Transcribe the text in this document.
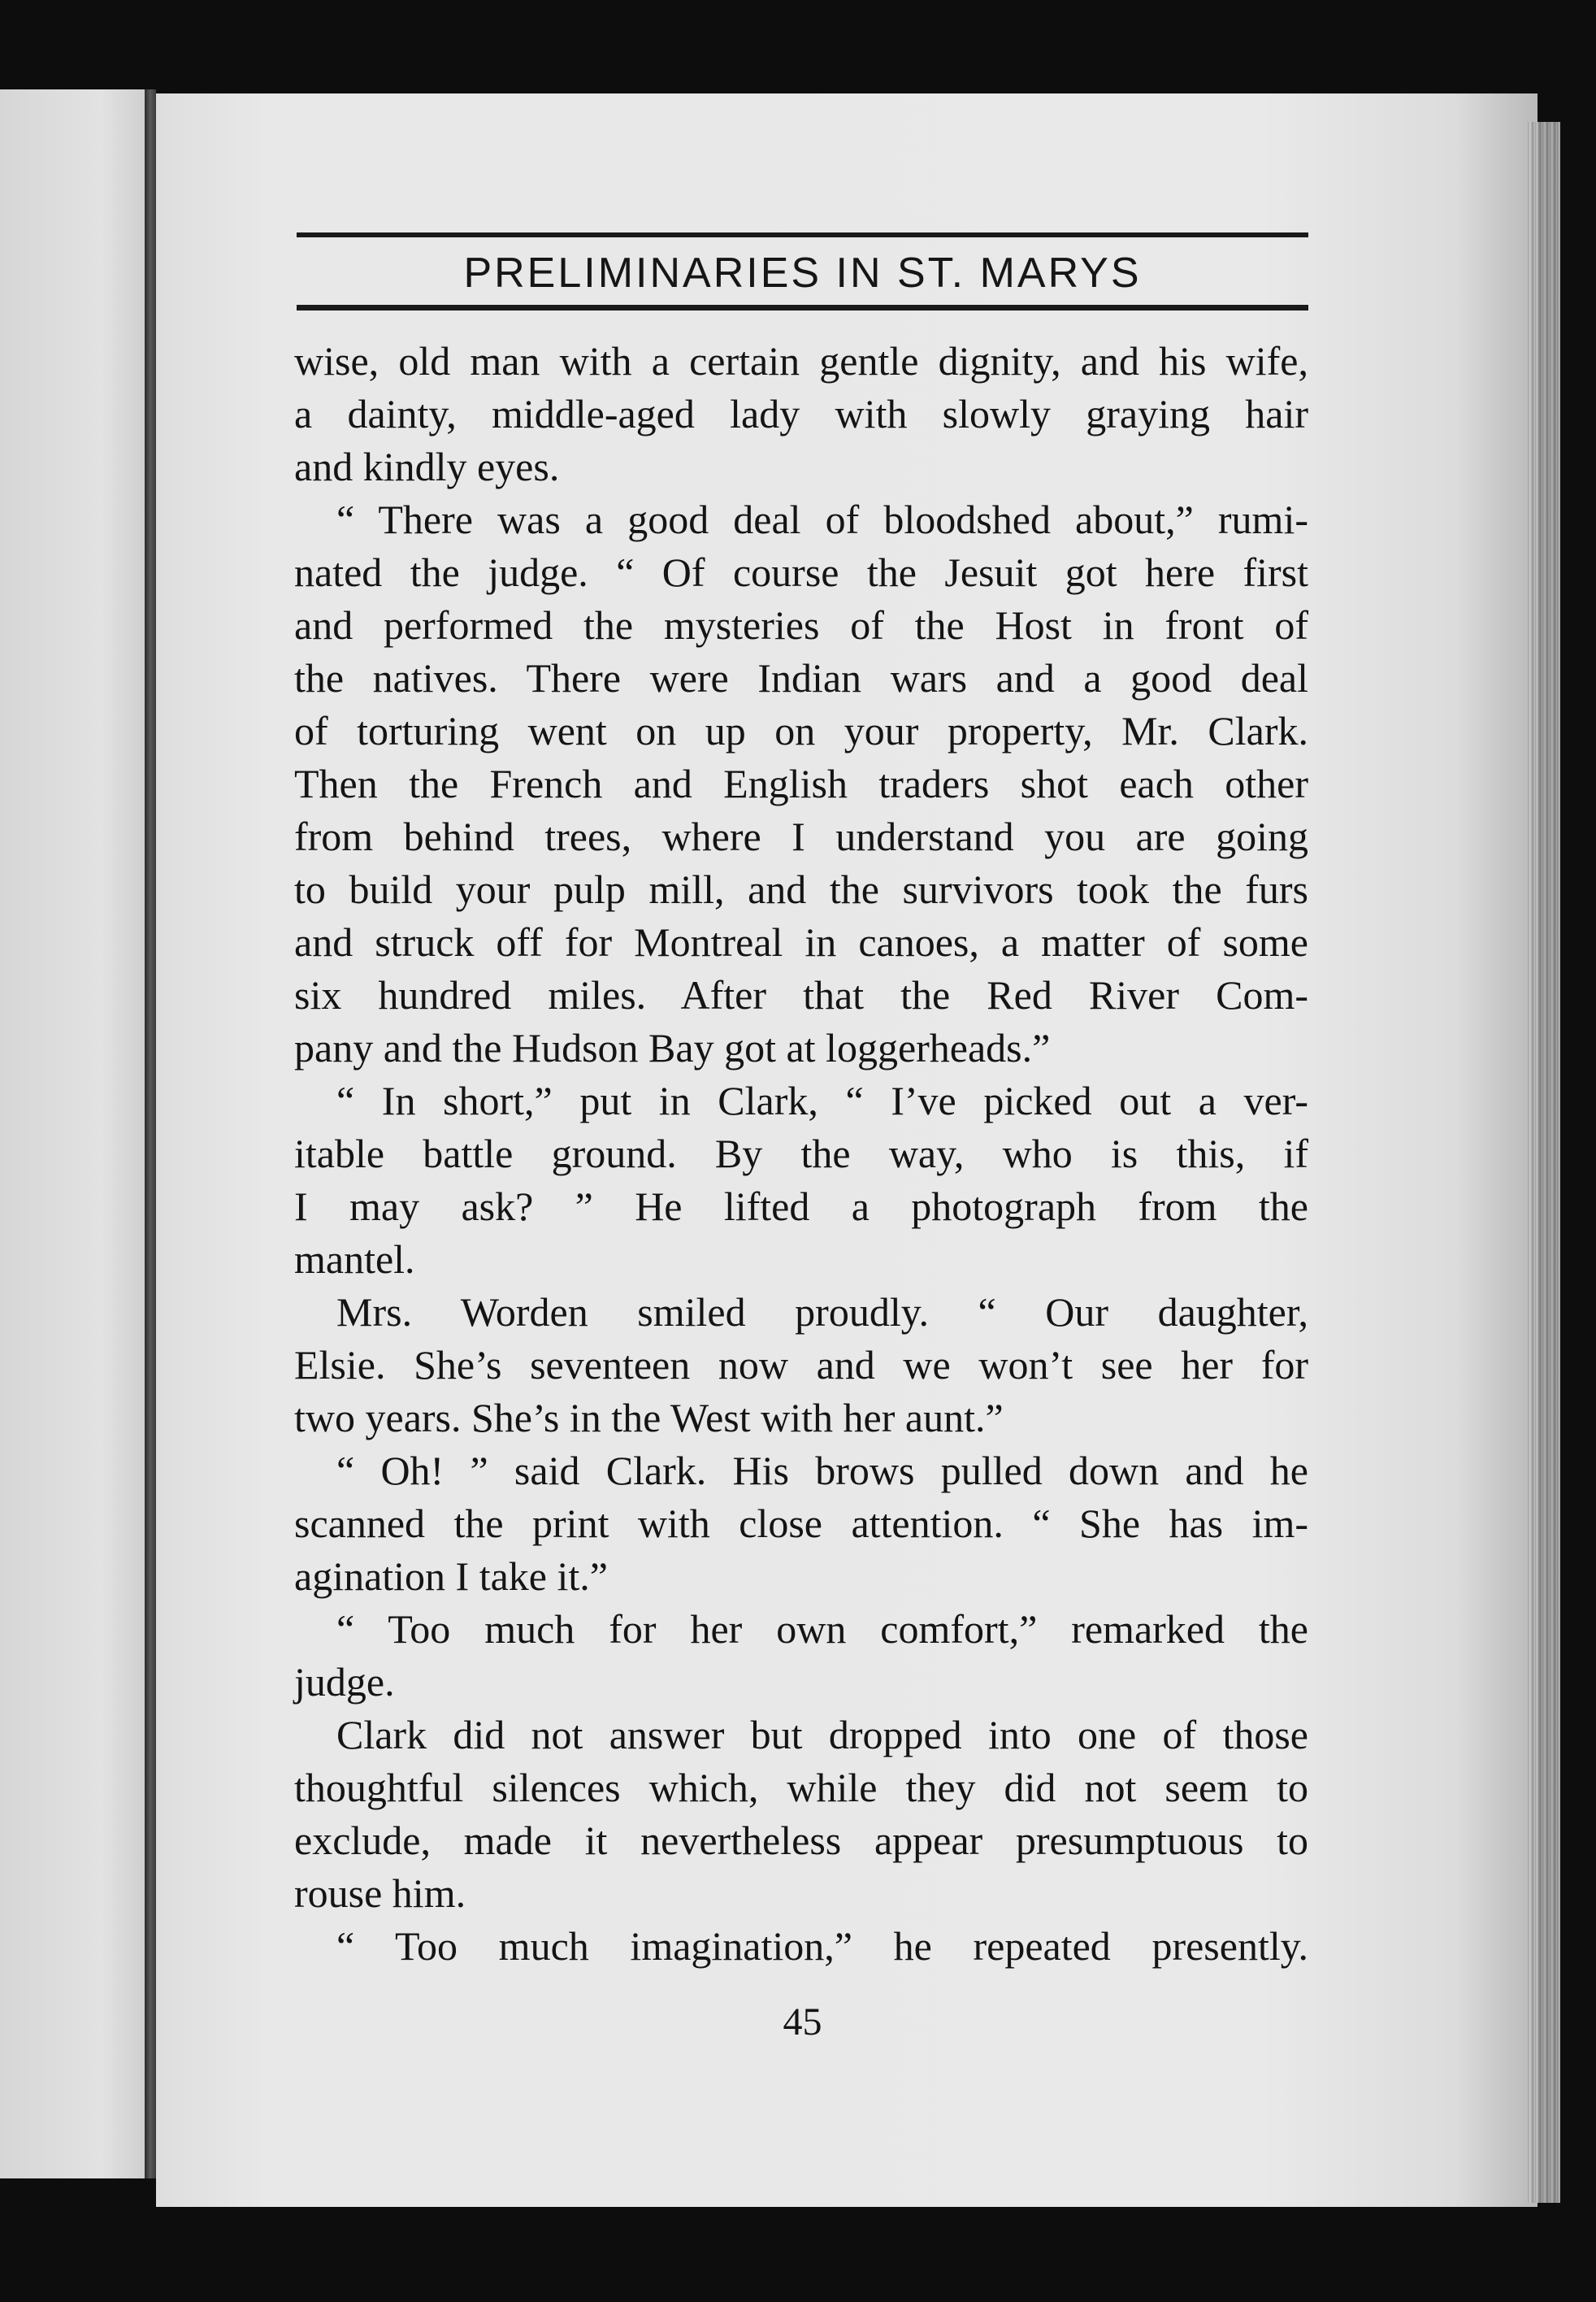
PRELIMINARIES IN ST. MARYS
wise, old man with a certain gentle dignity, and his wife,
a dainty, middle-aged lady with slowly graying hair
and kindly eyes.
“ There was a good deal of bloodshed about,” rumi-
nated the judge. “ Of course the Jesuit got here first
and performed the mysteries of the Host in front of
the natives. There were Indian wars and a good deal
of torturing went on up on your property, Mr. Clark.
Then the French and English traders shot each other
from behind trees, where I understand you are going
to build your pulp mill, and the survivors took the furs
and struck off for Montreal in canoes, a matter of some
six hundred miles. After that the Red River Com-
pany and the Hudson Bay got at loggerheads.”
“ In short,” put in Clark, “ I’ve picked out a ver-
itable battle ground. By the way, who is this, if
I may ask? ” He lifted a photograph from the
mantel.
Mrs. Worden smiled proudly. “ Our daughter,
Elsie. She’s seventeen now and we won’t see her for
two years. She’s in the West with her aunt.”
“ Oh! ” said Clark. His brows pulled down and he
scanned the print with close attention. “ She has im-
agination I take it.”
“ Too much for her own comfort,” remarked the
judge.
Clark did not answer but dropped into one of those
thoughtful silences which, while they did not seem to
exclude, made it nevertheless appear presumptuous to
rouse him.
“ Too much imagination,” he repeated presently.
45
